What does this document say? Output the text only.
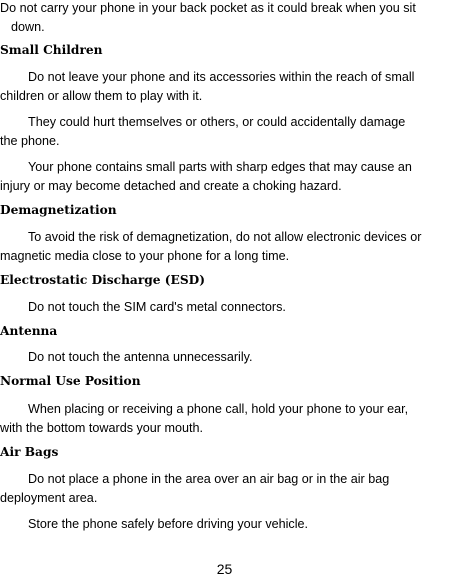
Do not carry your phone in your back pocket as it could break when you sit
down.
Small Children
Do not leave your phone and its accessories within the reach of small
children or allow them to play with it.
They could hurt themselves or others, or could accidentally damage
the phone.
Your phone contains small parts with sharp edges that may cause an
injury or may become detached and create a choking hazard.
Demagnetization
To avoid the risk of demagnetization, do not allow electronic devices or
magnetic media close to your phone for a long time.
Electrostatic Discharge (ESD)
Do not touch the SIM card's metal connectors.
Antenna
Do not touch the antenna unnecessarily.
Normal Use Position
When placing or receiving a phone call, hold your phone to your ear,
with the bottom towards your mouth.
Air Bags
Do not place a phone in the area over an air bag or in the air bag
deployment area.
Store the phone safely before driving your vehicle.
25
